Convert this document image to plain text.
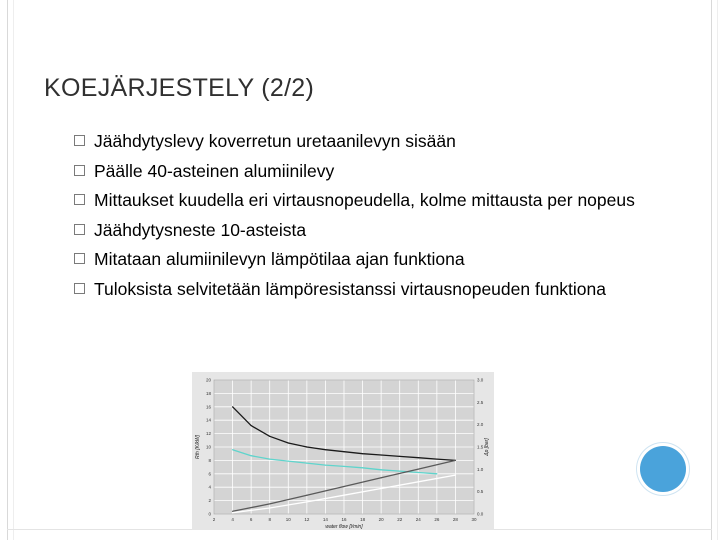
KOEJÄRJESTELY (2/2)
Jäähdytyslevy koverretun uretaanilevyn sisään
Päälle 40-asteinen alumiinilevy
Mittaukset kuudella eri virtausnopeudella, kolme mittausta per nopeus
Jäähdytysneste 10-asteista
Mitataan alumiinilevyn lämpötilaa ajan funktiona
Tuloksista selvitetään lämpöresistanssi virtausnopeuden funktiona
2	4	6	8	10	12	14	16	18	20	22	24	26	28	30
20
18
16
14
12
10
8
6
4
2
0
3.0
2.5
2.0
1.5
1.0
0.5
0.0
water flow [l/min]
Rth [K/kW]	Δp [bar]
